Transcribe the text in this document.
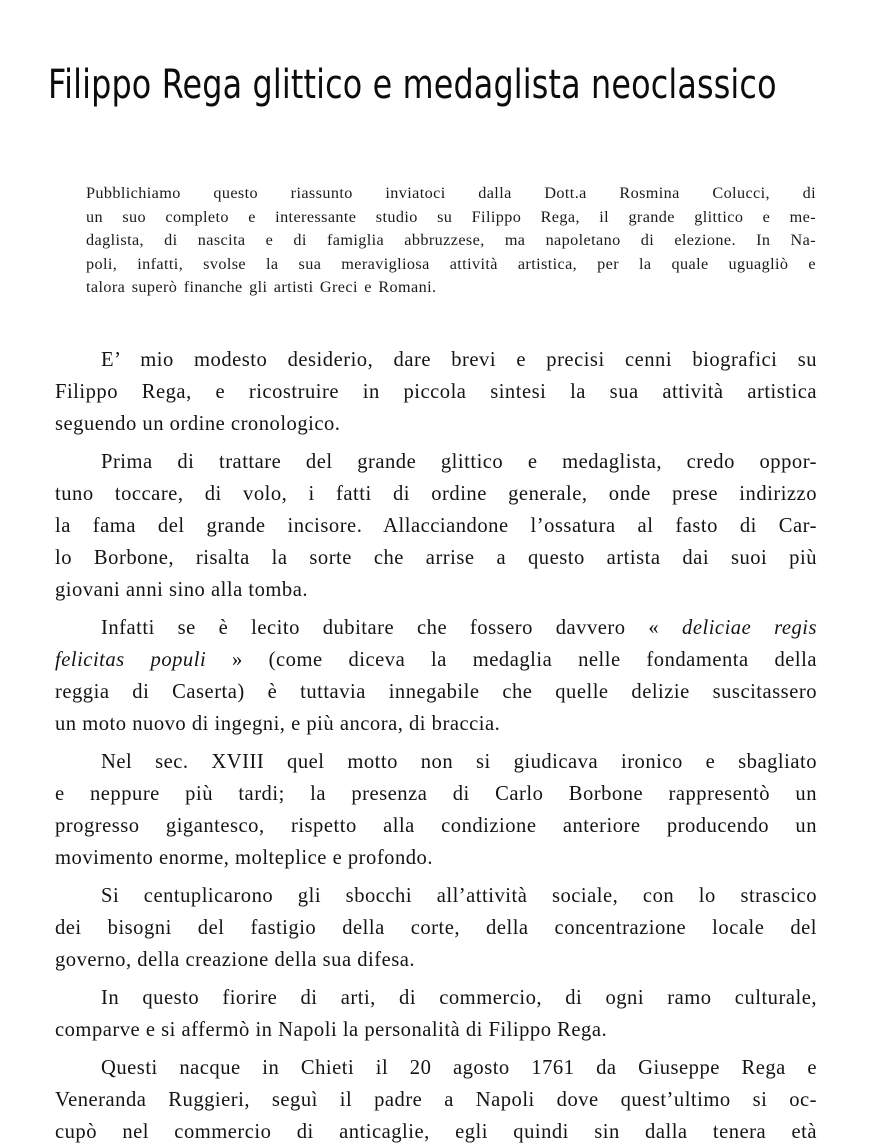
Filippo Rega glittico e medaglista neoclassico
Pubblichiamo questo riassunto inviatoci dalla Dott.a Rosmina Colucci, di
un suo completo e interessante studio su Filippo Rega, il grande glittico e me-
daglista, di nascita e di famiglia abbruzzese, ma napoletano di elezione. In Na-
poli, infatti, svolse la sua meravigliosa attività artistica, per la quale uguagliò e
talora superò finanche gli artisti Greci e Romani.
E’ mio modesto desiderio, dare brevi e precisi cenni biografici su
Filippo Rega, e ricostruire in piccola sintesi la sua attività artistica
seguendo un ordine cronologico.
Prima di trattare del grande glittico e medaglista, credo oppor-
tuno toccare, di volo, i fatti di ordine generale, onde prese indirizzo
la fama del grande incisore. Allacciandone l’ossatura al fasto di Car-
lo Borbone, risalta la sorte che arrise a questo artista dai suoi più
giovani anni sino alla tomba.
Infatti se è lecito dubitare che fossero davvero « deliciae regis
felicitas populi » (come diceva la medaglia nelle fondamenta della
reggia di Caserta) è tuttavia innegabile che quelle delizie suscitassero
un moto nuovo di ingegni, e più ancora, di braccia.
Nel sec. XVIII quel motto non si giudicava ironico e sbagliato
e neppure più tardi; la presenza di Carlo Borbone rappresentò un
progresso gigantesco, rispetto alla condizione anteriore producendo un
movimento enorme, molteplice e profondo.
Si centuplicarono gli sbocchi all’attività sociale, con lo strascico
dei bisogni del fastigio della corte, della concentrazione locale del
governo, della creazione della sua difesa.
In questo fiorire di arti, di commercio, di ogni ramo culturale,
comparve e si affermò in Napoli la personalità di Filippo Rega.
Questi nacque in Chieti il 20 agosto 1761 da Giuseppe Rega e
Veneranda Ruggieri, seguì il padre a Napoli dove quest’ultimo si oc-
cupò nel commercio di anticaglie, egli quindi sin dalla tenera età
